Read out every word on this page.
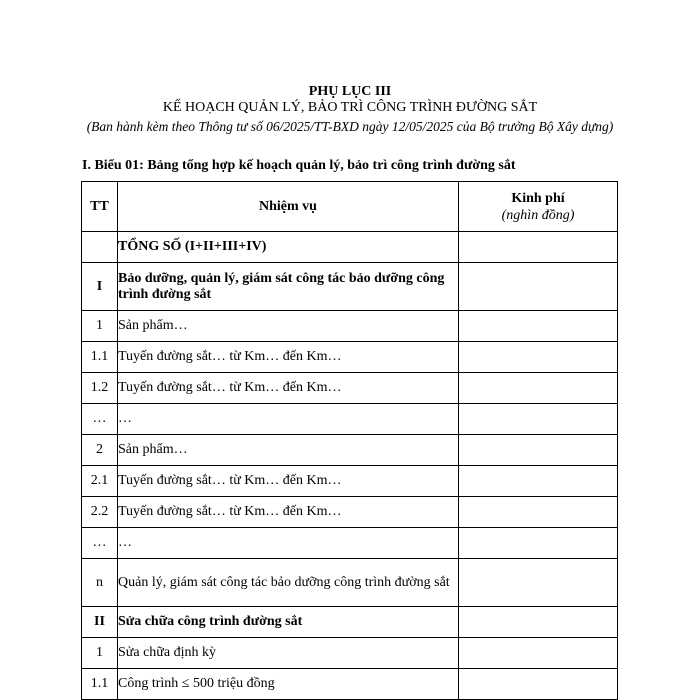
PHỤ LỤC III
KẾ HOẠCH QUẢN LÝ, BẢO TRÌ CÔNG TRÌNH ĐƯỜNG SẮT
(Ban hành kèm theo Thông tư số 06/2025/TT-BXD ngày 12/05/2025 của Bộ trưởng Bộ Xây dựng)
I. Biểu 01: Bảng tổng hợp kế hoạch quản lý, bảo trì công trình đường sắt
TT	Nhiệm vụ	Kinh phí
(nghìn đồng)

	TỔNG SỐ (I+II+III+IV)	
I	Bảo dưỡng, quản lý, giám sát công tác bảo dưỡng công trình đường sắt	
1	Sản phẩm…	
1.1	Tuyến đường sắt… từ Km… đến Km…	
1.2	Tuyến đường sắt… từ Km… đến Km…	
…	…	
2	Sản phẩm…	
2.1	Tuyến đường sắt… từ Km… đến Km…	
2.2	Tuyến đường sắt… từ Km… đến Km…	
…	…	
n	Quản lý, giám sát công tác bảo dưỡng công trình đường sắt	
II	Sửa chữa công trình đường sắt	
1	Sửa chữa định kỳ	
1.1	Công trình ≤ 500 triệu đồng	
